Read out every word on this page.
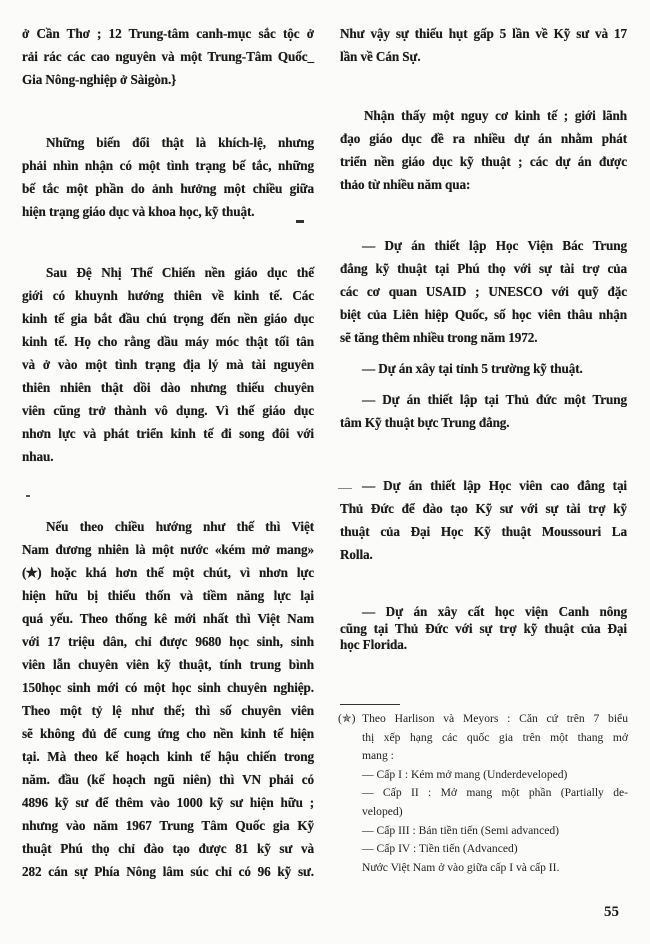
ở Cần Thơ ; 12 Trung-tâm canh-mục sắc tộc ở
rải rác các cao nguyên và một Trung-Tâm Quốc_
Gia Nông-nghiệp ở Sàigòn.}
Những biến đổi thật là khích-lệ, nhưng
phải nhìn nhận có một tình trạng bế tắc, những
bế tắc một phần do ảnh hưởng một chiều giữa
hiện trạng giáo dục và khoa học, kỹ thuật.
Sau Đệ Nhị Thế Chiến nền giáo dục thế
giới có khuynh hướng thiên về kinh tế. Các
kinh tế gia bắt đầu chú trọng đến nền giáo dục
kinh tế. Họ cho rằng dầu máy móc thật tối tân
và ở vào một tình trạng địa lý mà tài nguyên
thiên nhiên thật dồi dào nhưng thiếu chuyên
viên cũng trở thành vô dụng. Vì thế giáo dục
nhơn lực và phát triển kinh tế đi song đôi với
nhau.
Nếu theo chiều hướng như thế thì Việt
Nam đương nhiên là một nước «kém mở mang»
(✯) hoặc khá hơn thế một chút, vì nhơn lực
hiện hữu bị thiếu thốn và tiềm năng lực lại
quá yếu. Theo thống kê mới nhất thì Việt Nam
với 17 triệu dân, chỉ được 9680 học sinh, sinh
viên lẫn chuyên viên kỹ thuật, tính trung bình
150học sinh mới có một học sinh chuyên nghiệp.
Theo một tỷ lệ như thế; thì số chuyên viên
sẽ không đủ để cung ứng cho nền kinh tế hiện
tại. Mà theo kế hoạch kinh tế hậu chiến trong
năm. đầu (kế hoạch ngũ niên) thì VN phải có
4896 kỹ sư để thêm vào 1000 kỹ sư hiện hữu ;
nhưng vào năm 1967 Trung Tâm Quốc gia Kỹ
thuật Phú thọ chỉ đào tạo được 81 kỹ sư và
282 cán sự Phía Nông lâm súc chỉ có 96 kỹ sư.
Như vậy sự thiếu hụt gấp 5 lần về Kỹ sư và 17
lần về Cán Sự.
Nhận thấy một nguy cơ kinh tế ; giới lãnh
đạo giáo dục đề ra nhiều dự án nhằm phát
triển nền giáo dục kỹ thuật ; các dự án được
thảo từ nhiều năm qua:
— Dự án thiết lập Học Viện Bác Trung
đẳng kỹ thuật tại Phú thọ với sự tài trợ của
các cơ quan USAID ; UNESCO với quỹ đặc
biệt của Liên hiệp Quốc, số học viên thâu nhận
sẽ tăng thêm nhiều trong năm 1972.
— Dự án xây tại tỉnh 5 trường kỹ thuật.
— Dự án thiết lập tại Thủ đức một Trung
tâm Kỹ thuật bực Trung đẳng.
— Dự án thiết lập Học viên cao đẳng tại
Thủ Đức để đào tạo Kỹ sư với sự tài trợ kỹ
thuật của Đại Học Kỹ thuật Moussouri La
Rolla.
— Dự án xây cất học viện Canh nông
cũng tại Thủ Đức với sự trợ kỹ thuật của Đại
học Florida.
(✯) Theo Harlison và Meyors : Căn cứ trên 7 biểu
thị xếp hạng các quốc gia trên một thang mở
mang :
— Cấp I : Kém mở mang (Underdeveloped)
— Cấp II : Mở mang một phần (Partially de-
veloped)
— Cấp III : Bán tiền tiến (Semi advanced)
— Cấp IV : Tiền tiến (Advanced)
Nước Việt Nam ở vào giữa cấp I và cấp II.
55
